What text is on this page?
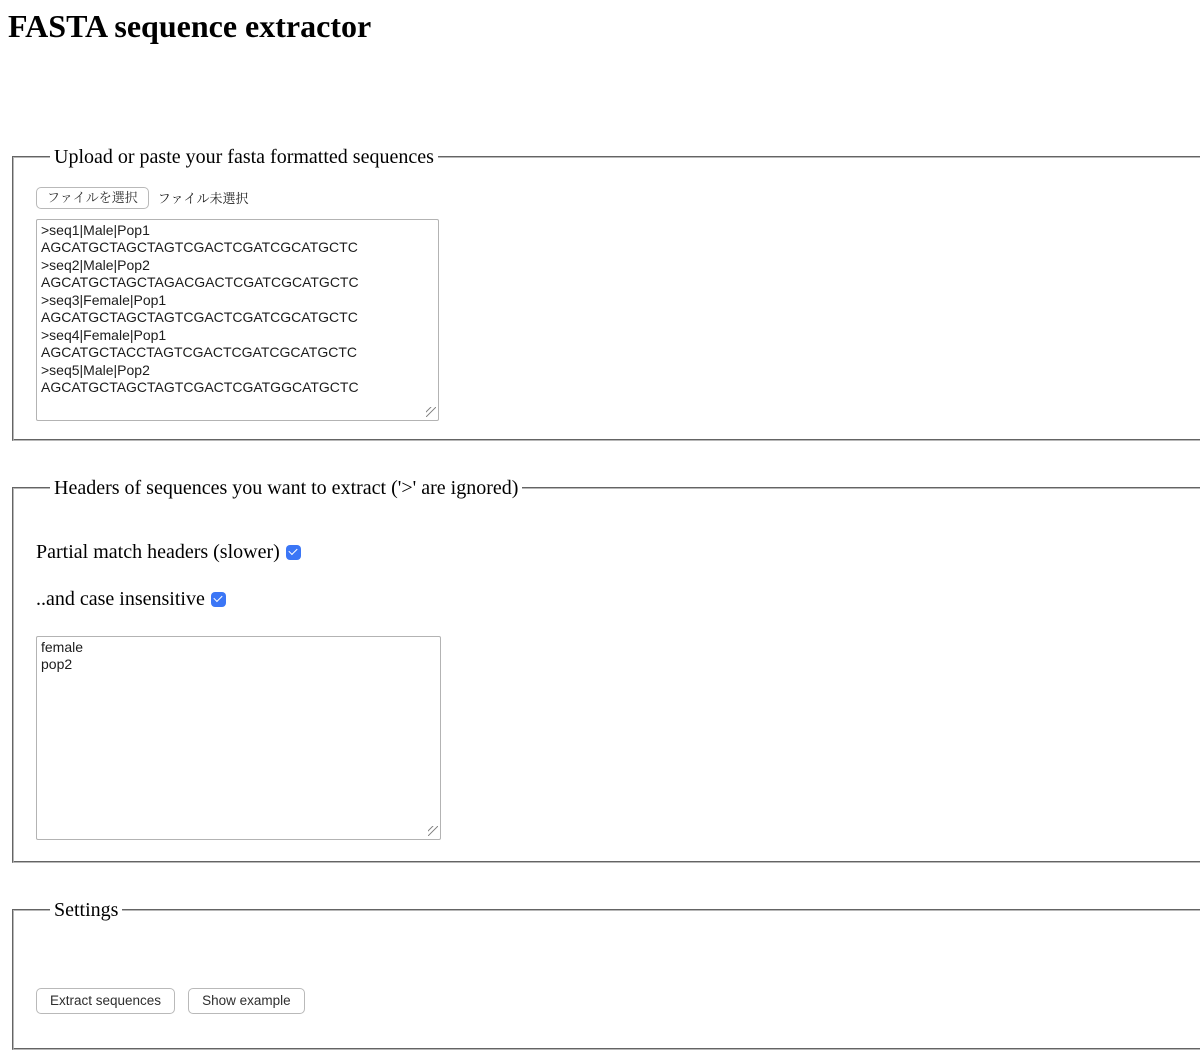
FASTA sequence extractor
Upload or paste your fasta formatted sequences
ファイルを選択	ファイル未選択
>seq1|Male|Pop1 AGCATGCTAGCTAGTCGACTCGATCGCATGCTC >seq2|Male|Pop2 AGCATGCTAGCTAGACGACTCGATCGCATGCTC >seq3|Female|Pop1 AGCATGCTAGCTAGTCGACTCGATCGCATGCTC >seq4|Female|Pop1 AGCATGCTACCTAGTCGACTCGATCGCATGCTC >seq5|Male|Pop2 AGCATGCTAGCTAGTCGACTCGATGGCATGCTC
Headers of sequences you want to extract ('>' are ignored)

Partial match headers (slower)

..and case insensitive

female pop2
Settings
Extract sequences	Show example
